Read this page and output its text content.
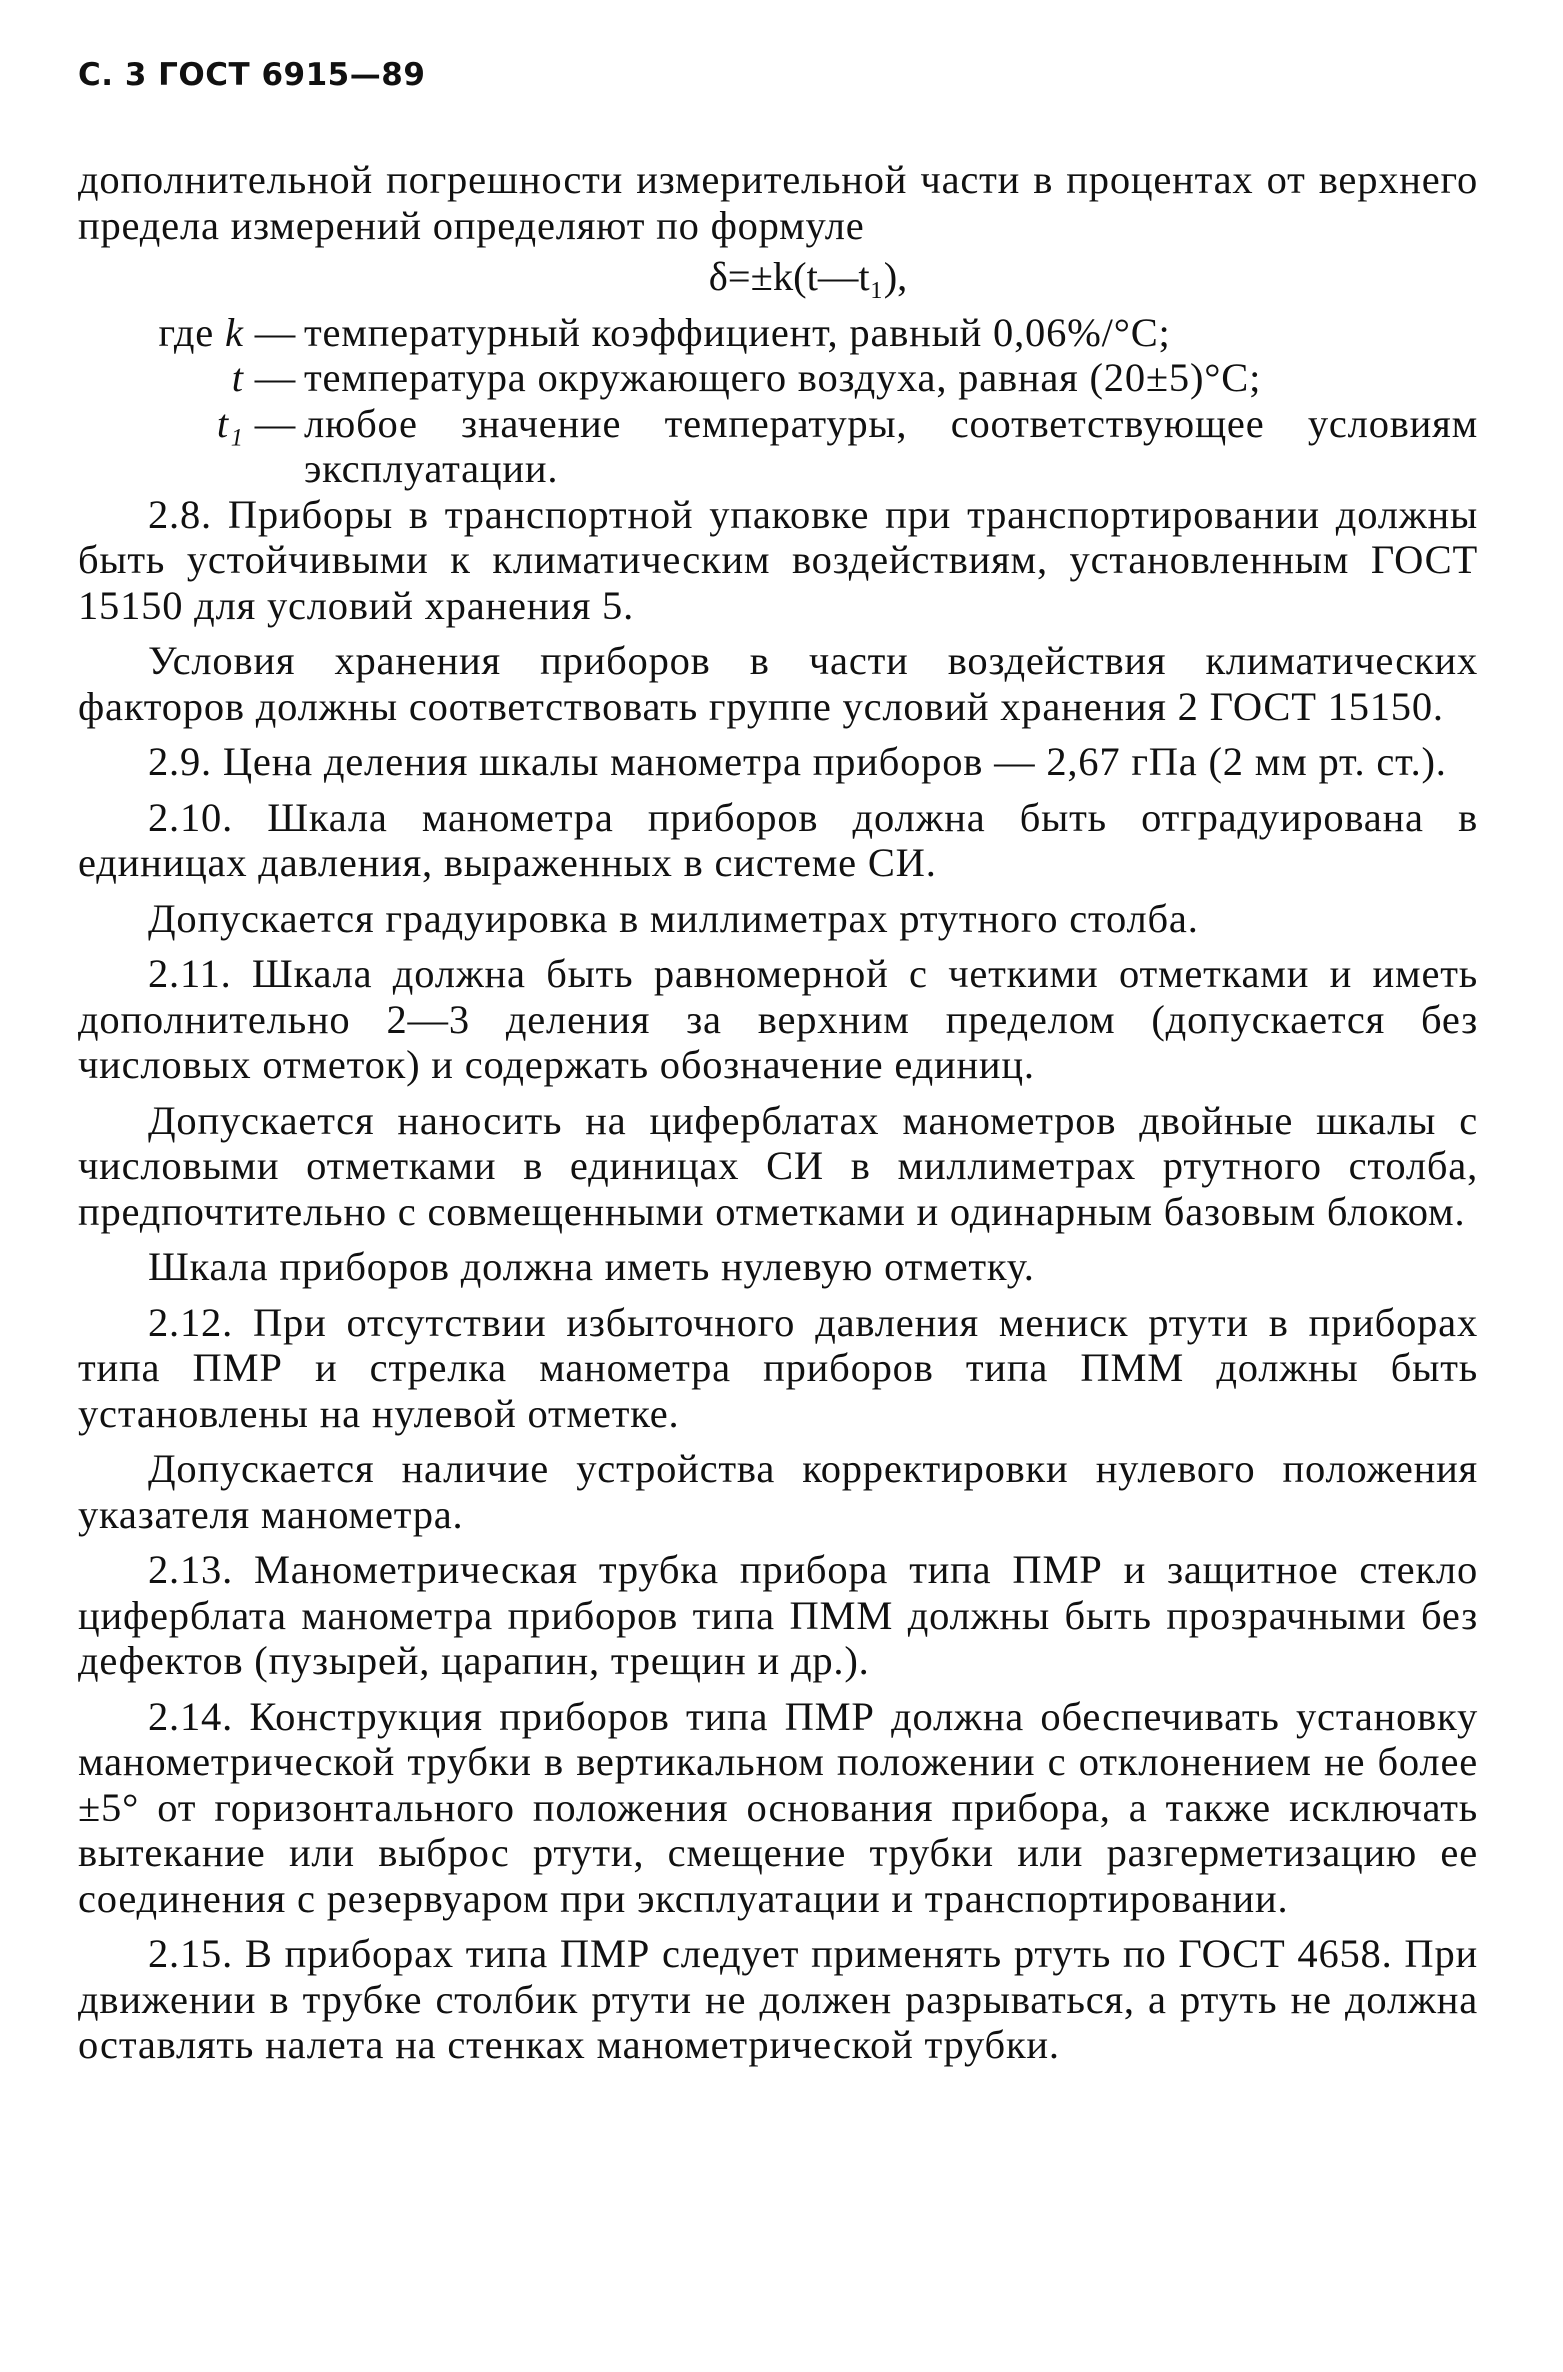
С. 3 ГОСТ 6915—89

дополнительной погрешности измерительной части в процентах от верхнего предела измерений определяют по формуле

δ=±k(t—t₁),
где k — температурный коэффициент, равный 0,06%/°C;
t — температура окружающего воздуха, равная (20±5)°C;
t₁ — любое значение температуры, соответствующее условиям эксплуатации.

2.8. Приборы в транспортной упаковке при транспортировании должны быть устойчивыми к климатическим воздействиям, установленным ГОСТ 15150 для условий хранения 5.

Условия хранения приборов в части воздействия климатических факторов должны соответствовать группе условий хранения 2 ГОСТ 15150.

2.9. Цена деления шкалы манометра приборов — 2,67 гПа (2 мм рт. ст.).

2.10. Шкала манометра приборов должна быть отградуирована в единицах давления, выраженных в системе СИ.

Допускается градуировка в миллиметрах ртутного столба.

2.11. Шкала должна быть равномерной с четкими отметками и иметь дополнительно 2—3 деления за верхним пределом (допускается без числовых отметок) и содержать обозначение единиц.

Допускается наносить на циферблатах манометров двойные шкалы с числовыми отметками в единицах СИ в миллиметрах ртутного столба, предпочтительно с совмещенными отметками и одинарным базовым блоком.

Шкала приборов должна иметь нулевую отметку.

2.12. При отсутствии избыточного давления мениск ртути в приборах типа ПМР и стрелка манометра приборов типа ПММ должны быть установлены на нулевой отметке.

Допускается наличие устройства корректировки нулевого положения указателя манометра.

2.13. Манометрическая трубка прибора типа ПМР и защитное стекло циферблата манометра приборов типа ПММ должны быть прозрачными без дефектов (пузырей, царапин, трещин и др.).

2.14. Конструкция приборов типа ПМР должна обеспечивать установку манометрической трубки в вертикальном положении с отклонением не более ±5° от горизонтального положения основания прибора, а также исключать вытекание или выброс ртути, смещение трубки или разгерметизацию ее соединения с резервуаром при эксплуатации и транспортировании.

2.15. В приборах типа ПМР следует применять ртуть по ГОСТ 4658. При движении в трубке столбик ртути не должен разрываться, а ртуть не должна оставлять налета на стенках манометрической трубки.
